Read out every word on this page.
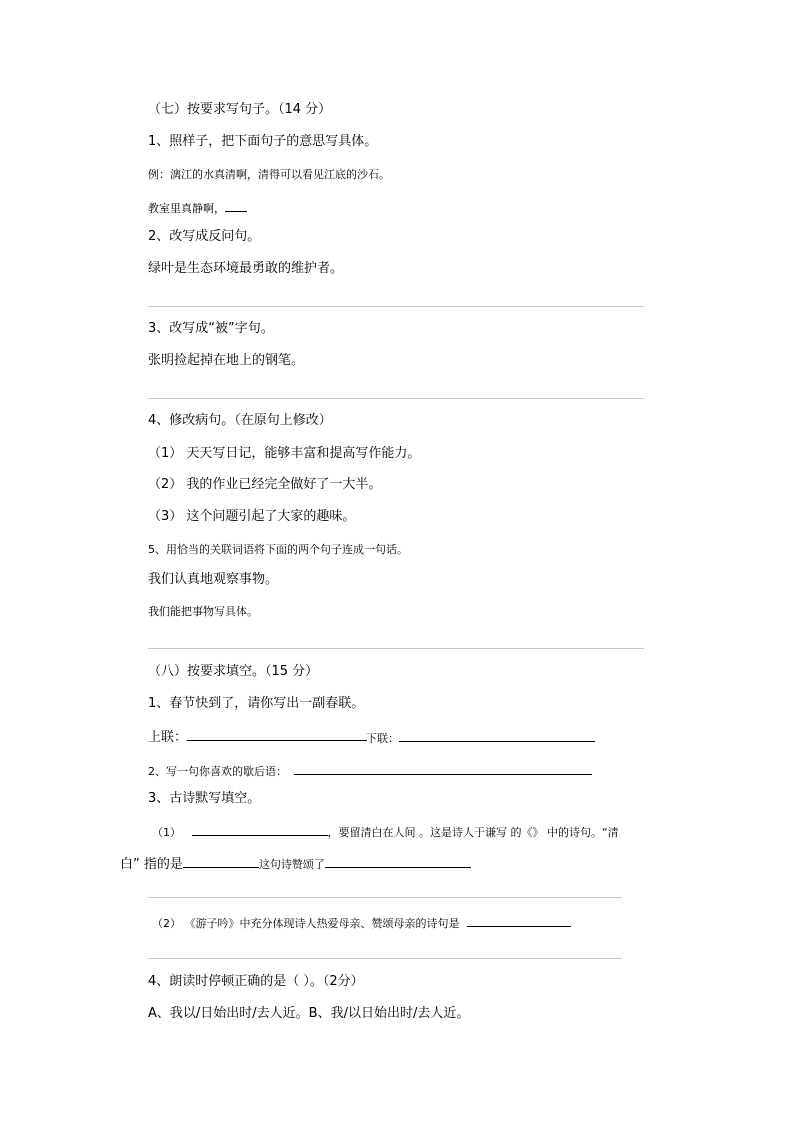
（七）按要求写句子。（14 分）
1、照样子，把下面句子的意思写具体。
例：漓江的水真清啊，清得可以看见江底的沙石。
教室里真静啊，
2、改写成反问句。
绿叶是生态环境最勇敢的维护者。
3、改写成“被”字句。
张明捡起掉在地上的钢笔。
4、修改病句。（在原句上修改）
（1） 天天写日记，能够丰富和提高写作能力。
（2） 我的作业已经完全做好了一大半。
（3） 这个问题引起了大家的趣味。
5、用恰当的关联词语将下面的两个句子连成一句话。
我们认真地观察事物。
我们能把事物写具体。
（八）按要求填空。（15 分）
1、春节快到了，请你写出一副春联。
上联：	下联：
2、写一句你喜欢的歇后语：
3、古诗默写填空。
（1）	，要留清白在人间 。这是诗人于谦写 的《》 中的诗句。“清
白” 指的是	这句诗赞颂了
（2） 《游子吟》中充分体现诗人热爱母亲、赞颂母亲的诗句是
4、朗读时停顿正确的是（ ）。（2分）
A、我以/日始出时/去人近。B、我/以日始出时/去人近。
